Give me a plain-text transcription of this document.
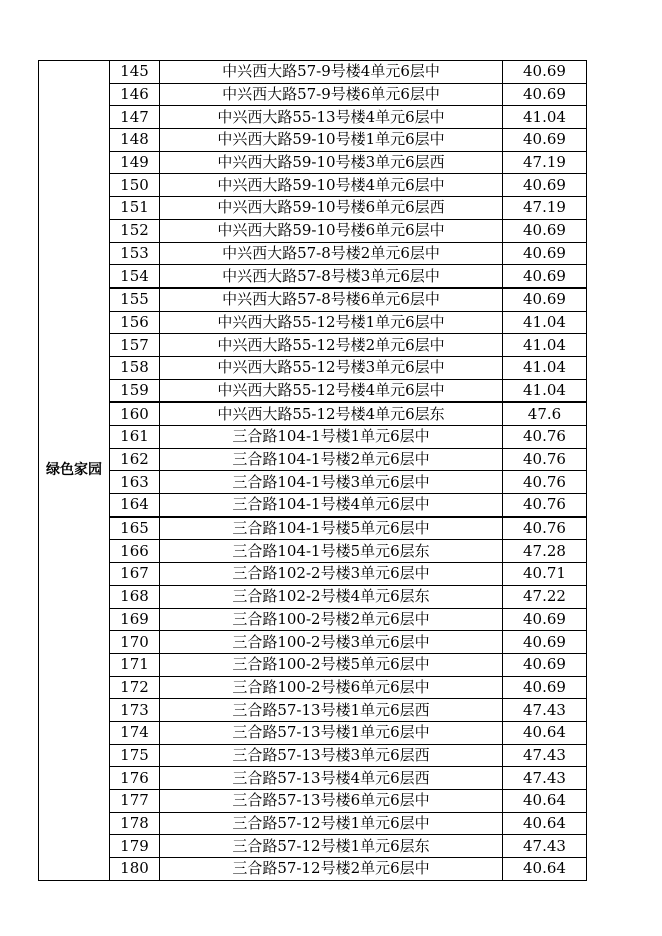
绿色家园	145	中兴西大路57-9号楼4单元6层中	40.69
	146	中兴西大路57-9号楼6单元6层中	40.69
	147	中兴西大路55-13号楼4单元6层中	41.04
	148	中兴西大路59-10号楼1单元6层中	40.69
	149	中兴西大路59-10号楼3单元6层西	47.19
	150	中兴西大路59-10号楼4单元6层中	40.69
	151	中兴西大路59-10号楼6单元6层西	47.19
	152	中兴西大路59-10号楼6单元6层中	40.69
	153	中兴西大路57-8号楼2单元6层中	40.69
	154	中兴西大路57-8号楼3单元6层中	40.69
	155	中兴西大路57-8号楼6单元6层中	40.69
	156	中兴西大路55-12号楼1单元6层中	41.04
	157	中兴西大路55-12号楼2单元6层中	41.04
	158	中兴西大路55-12号楼3单元6层中	41.04
	159	中兴西大路55-12号楼4单元6层中	41.04
	160	中兴西大路55-12号楼4单元6层东	47.6
	161	三合路104-1号楼1单元6层中	40.76
	162	三合路104-1号楼2单元6层中	40.76
	163	三合路104-1号楼3单元6层中	40.76
	164	三合路104-1号楼4单元6层中	40.76
	165	三合路104-1号楼5单元6层中	40.76
	166	三合路104-1号楼5单元6层东	47.28
	167	三合路102-2号楼3单元6层中	40.71
	168	三合路102-2号楼4单元6层东	47.22
	169	三合路100-2号楼2单元6层中	40.69
	170	三合路100-2号楼3单元6层中	40.69
	171	三合路100-2号楼5单元6层中	40.69
	172	三合路100-2号楼6单元6层中	40.69
	173	三合路57-13号楼1单元6层西	47.43
	174	三合路57-13号楼1单元6层中	40.64
	175	三合路57-13号楼3单元6层西	47.43
	176	三合路57-13号楼4单元6层西	47.43
	177	三合路57-13号楼6单元6层中	40.64
	178	三合路57-12号楼1单元6层中	40.64
	179	三合路57-12号楼1单元6层东	47.43
	180	三合路57-12号楼2单元6层中	40.64
